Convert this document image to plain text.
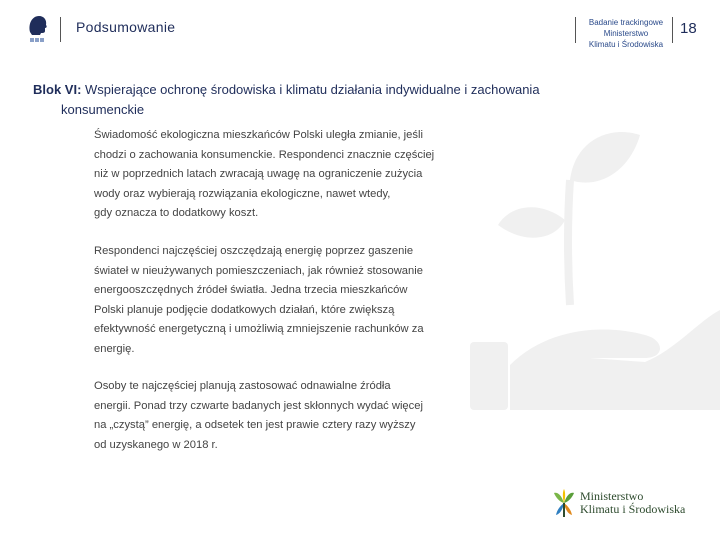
Podsumowanie	Badanie trackingowe
Ministerstwo
Klimatu i Środowiska
18
Blok VI: Wspierające ochronę środowiska i klimatu działania indywidualne i zachowania
konsumenckie
Świadomość ekologiczna mieszkańców Polski uległa zmianie, jeśli
chodzi o zachowania konsumenckie. Respondenci znacznie częściej
niż w poprzednich latach zwracają uwagę na ograniczenie zużycia
wody oraz wybierają rozwiązania ekologiczne, nawet wtedy,
gdy oznacza to dodatkowy koszt.
Respondenci najczęściej oszczędzają energię poprzez gaszenie
świateł w nieużywanych pomieszczeniach, jak również stosowanie
energooszczędnych źródeł światła. Jedna trzecia mieszkańców
Polski planuje podjęcie dodatkowych działań, które zwiększą
efektywność energetyczną i umożliwią zmniejszenie rachunków za
energię.
Osoby te najczęściej planują zastosować odnawialne źródła
energii. Ponad trzy czwarte badanych jest skłonnych wydać więcej
na „czystą” energię, a odsetek ten jest prawie cztery razy wyższy
od uzyskanego w 2018 r.
Ministerstwo
Klimatu i Środowiska
